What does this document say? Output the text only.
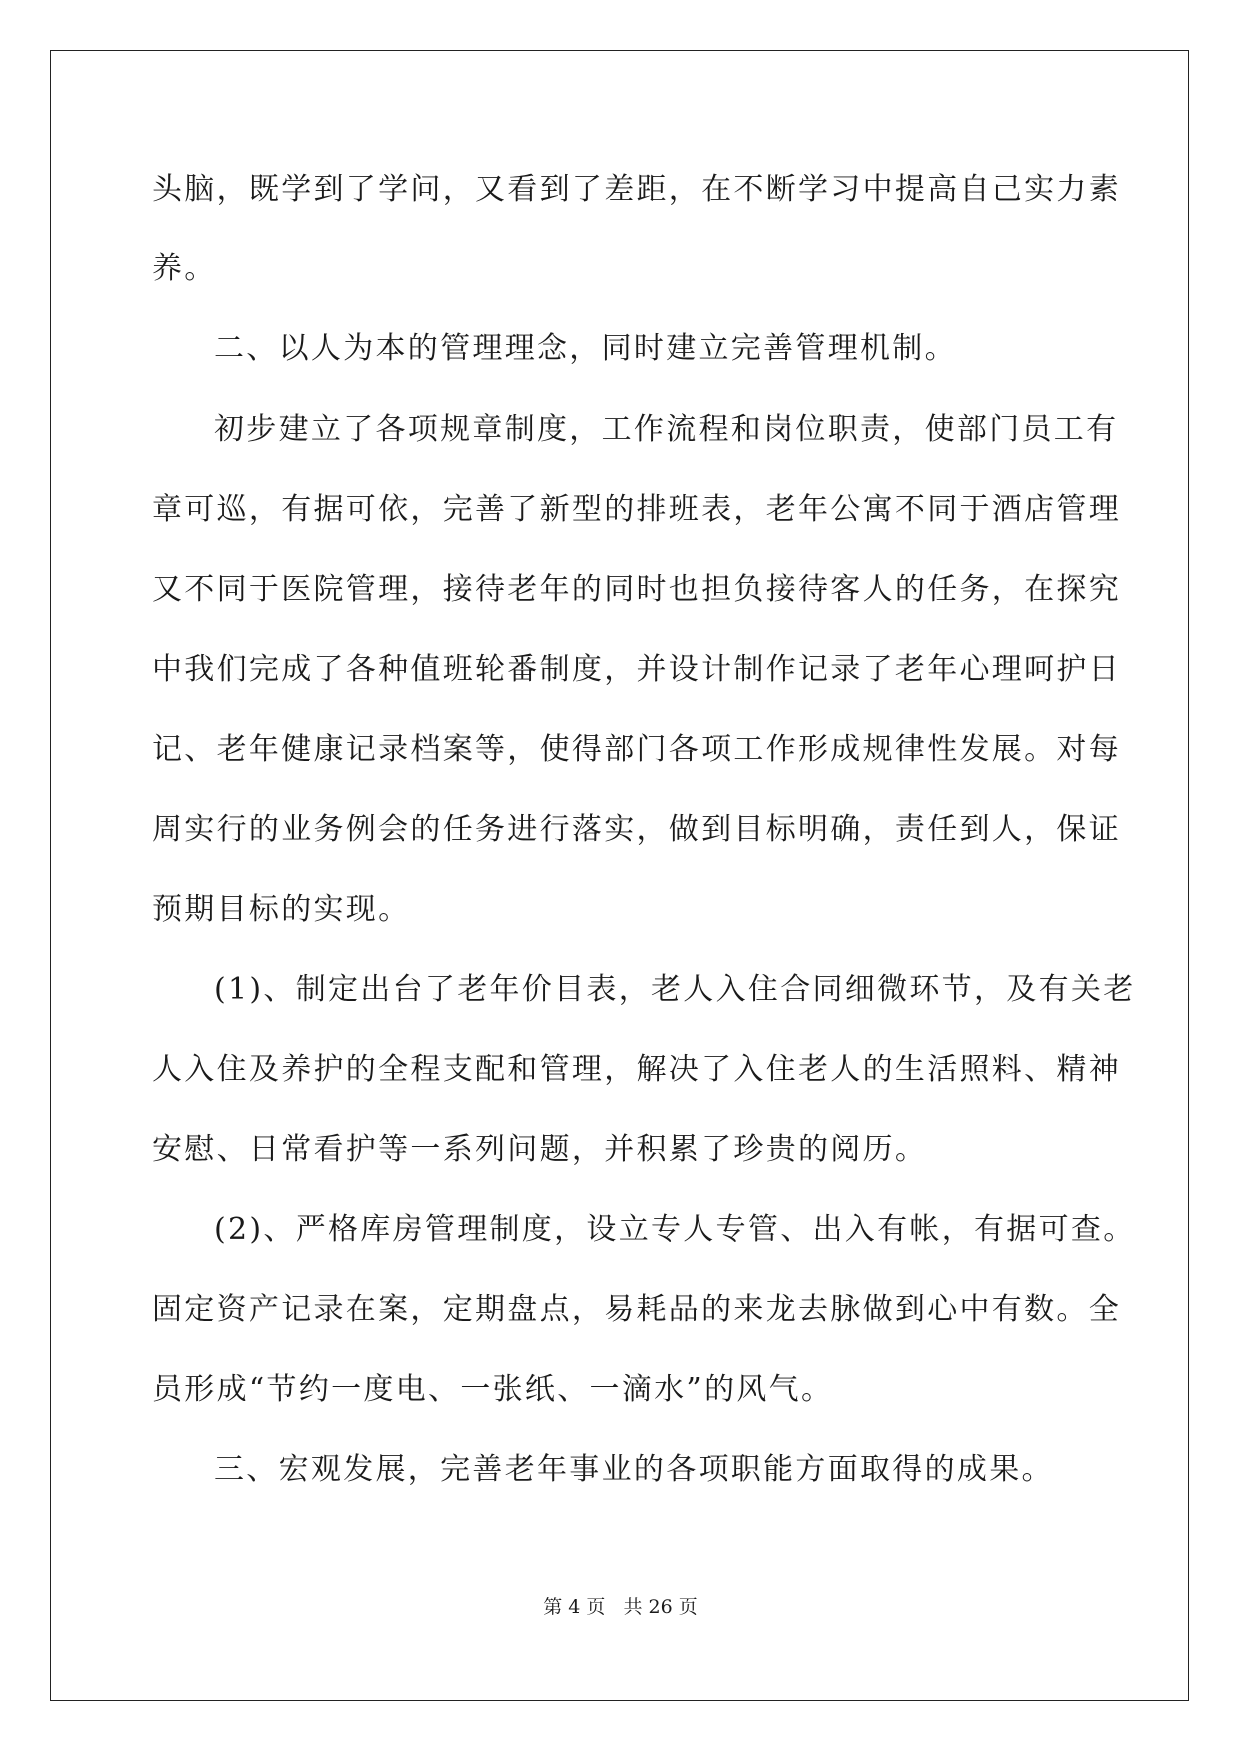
头脑，既学到了学问，又看到了差距，在不断学习中提高自己实力素
养。
二、以人为本的管理理念，同时建立完善管理机制。
初步建立了各项规章制度，工作流程和岗位职责，使部门员工有
章可巡，有据可依，完善了新型的排班表，老年公寓不同于酒店管理
又不同于医院管理，接待老年的同时也担负接待客人的任务，在探究
中我们完成了各种值班轮番制度，并设计制作记录了老年心理呵护日
记、老年健康记录档案等，使得部门各项工作形成规律性发展。对每
周实行的业务例会的任务进行落实，做到目标明确，责任到人，保证
预期目标的实现。
(1)、制定出台了老年价目表，老人入住合同细微环节，及有关老
人入住及养护的全程支配和管理，解决了入住老人的生活照料、精神
安慰、日常看护等一系列问题，并积累了珍贵的阅历。
(2)、严格库房管理制度，设立专人专管、出入有帐，有据可查。
固定资产记录在案，定期盘点，易耗品的来龙去脉做到心中有数。全
员形成“节约一度电、一张纸、一滴水”的风气。
三、宏观发展，完善老年事业的各项职能方面取得的成果。
第 4 页   共 26 页
